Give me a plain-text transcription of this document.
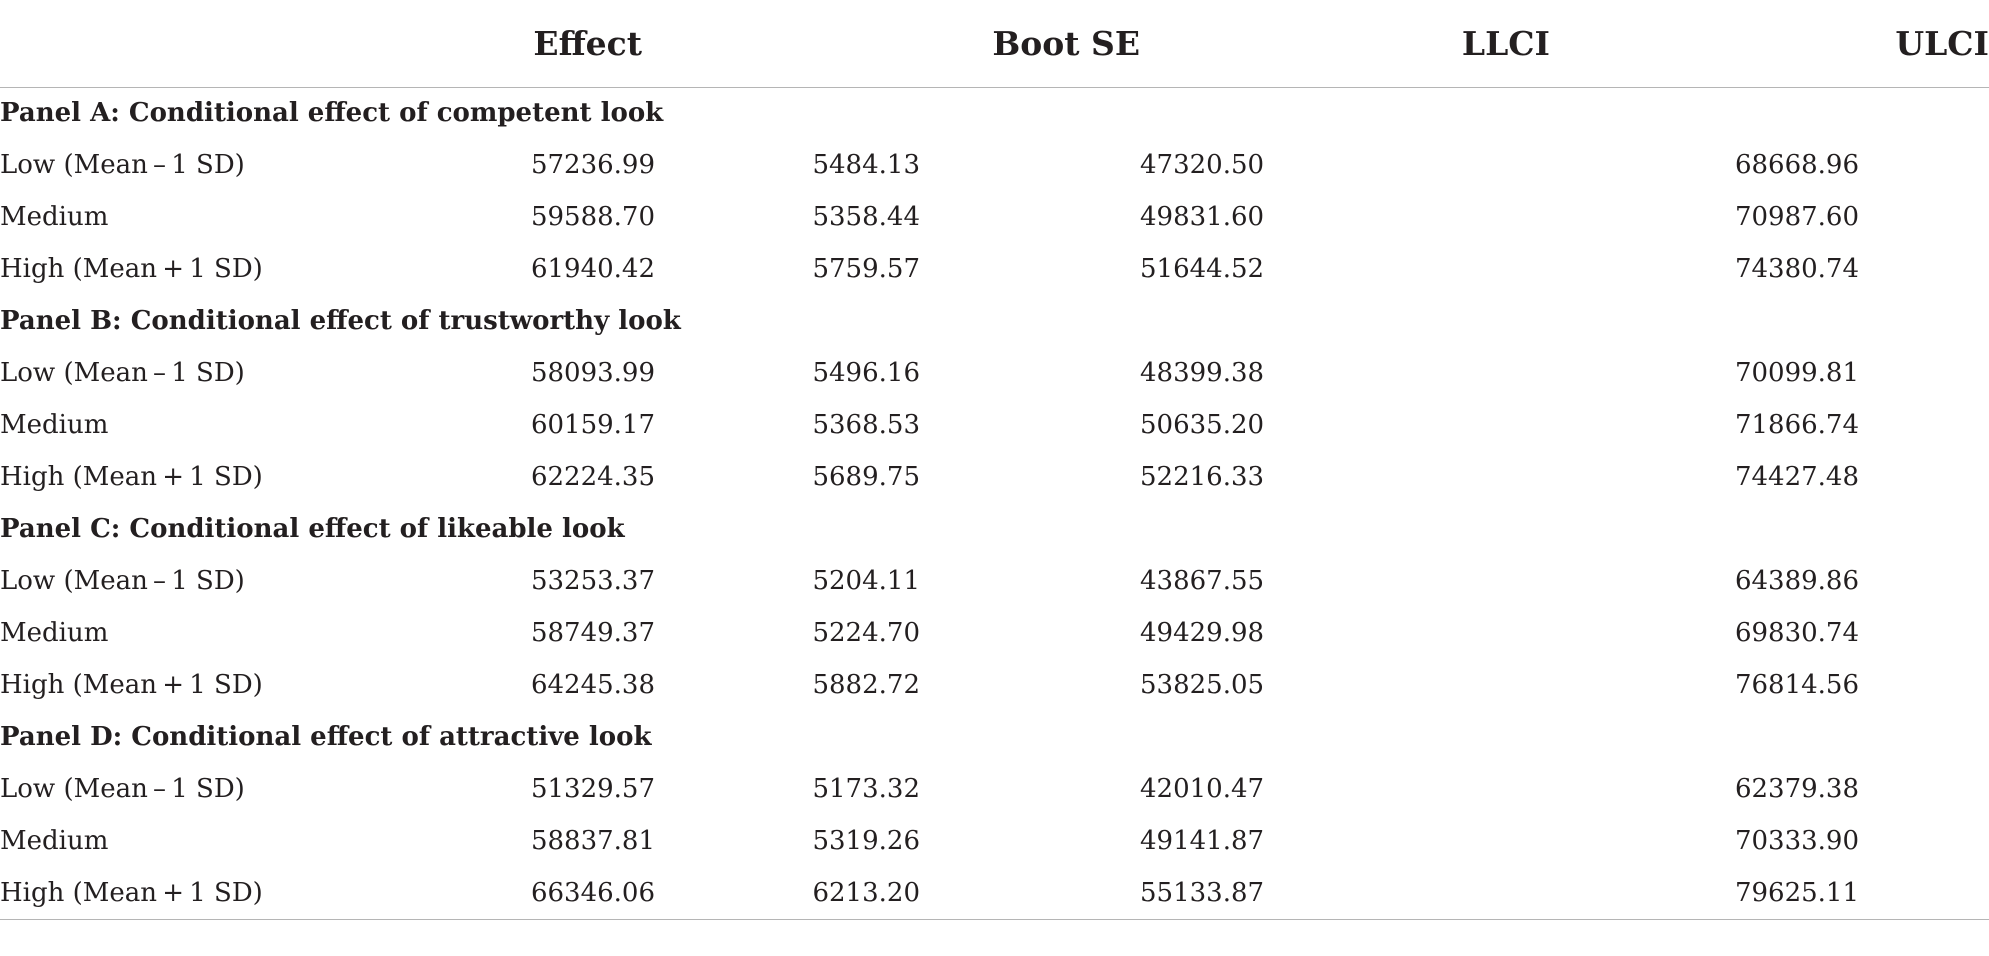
	Effect	Boot SE	LLCI	ULCI
Panel A: Conditional effect of competent look				
Low (Mean – 1 SD)	57236.99	5484.13	47320.50	68668.96
Medium	59588.70	5358.44	49831.60	70987.60
High (Mean + 1 SD)	61940.42	5759.57	51644.52	74380.74
Panel B: Conditional effect of trustworthy look				
Low (Mean – 1 SD)	58093.99	5496.16	48399.38	70099.81
Medium	60159.17	5368.53	50635.20	71866.74
High (Mean + 1 SD)	62224.35	5689.75	52216.33	74427.48
Panel C: Conditional effect of likeable look				
Low (Mean – 1 SD)	53253.37	5204.11	43867.55	64389.86
Medium	58749.37	5224.70	49429.98	69830.74
High (Mean + 1 SD)	64245.38	5882.72	53825.05	76814.56
Panel D: Conditional effect of attractive look				
Low (Mean – 1 SD)	51329.57	5173.32	42010.47	62379.38
Medium	58837.81	5319.26	49141.87	70333.90
High (Mean + 1 SD)	66346.06	6213.20	55133.87	79625.11
